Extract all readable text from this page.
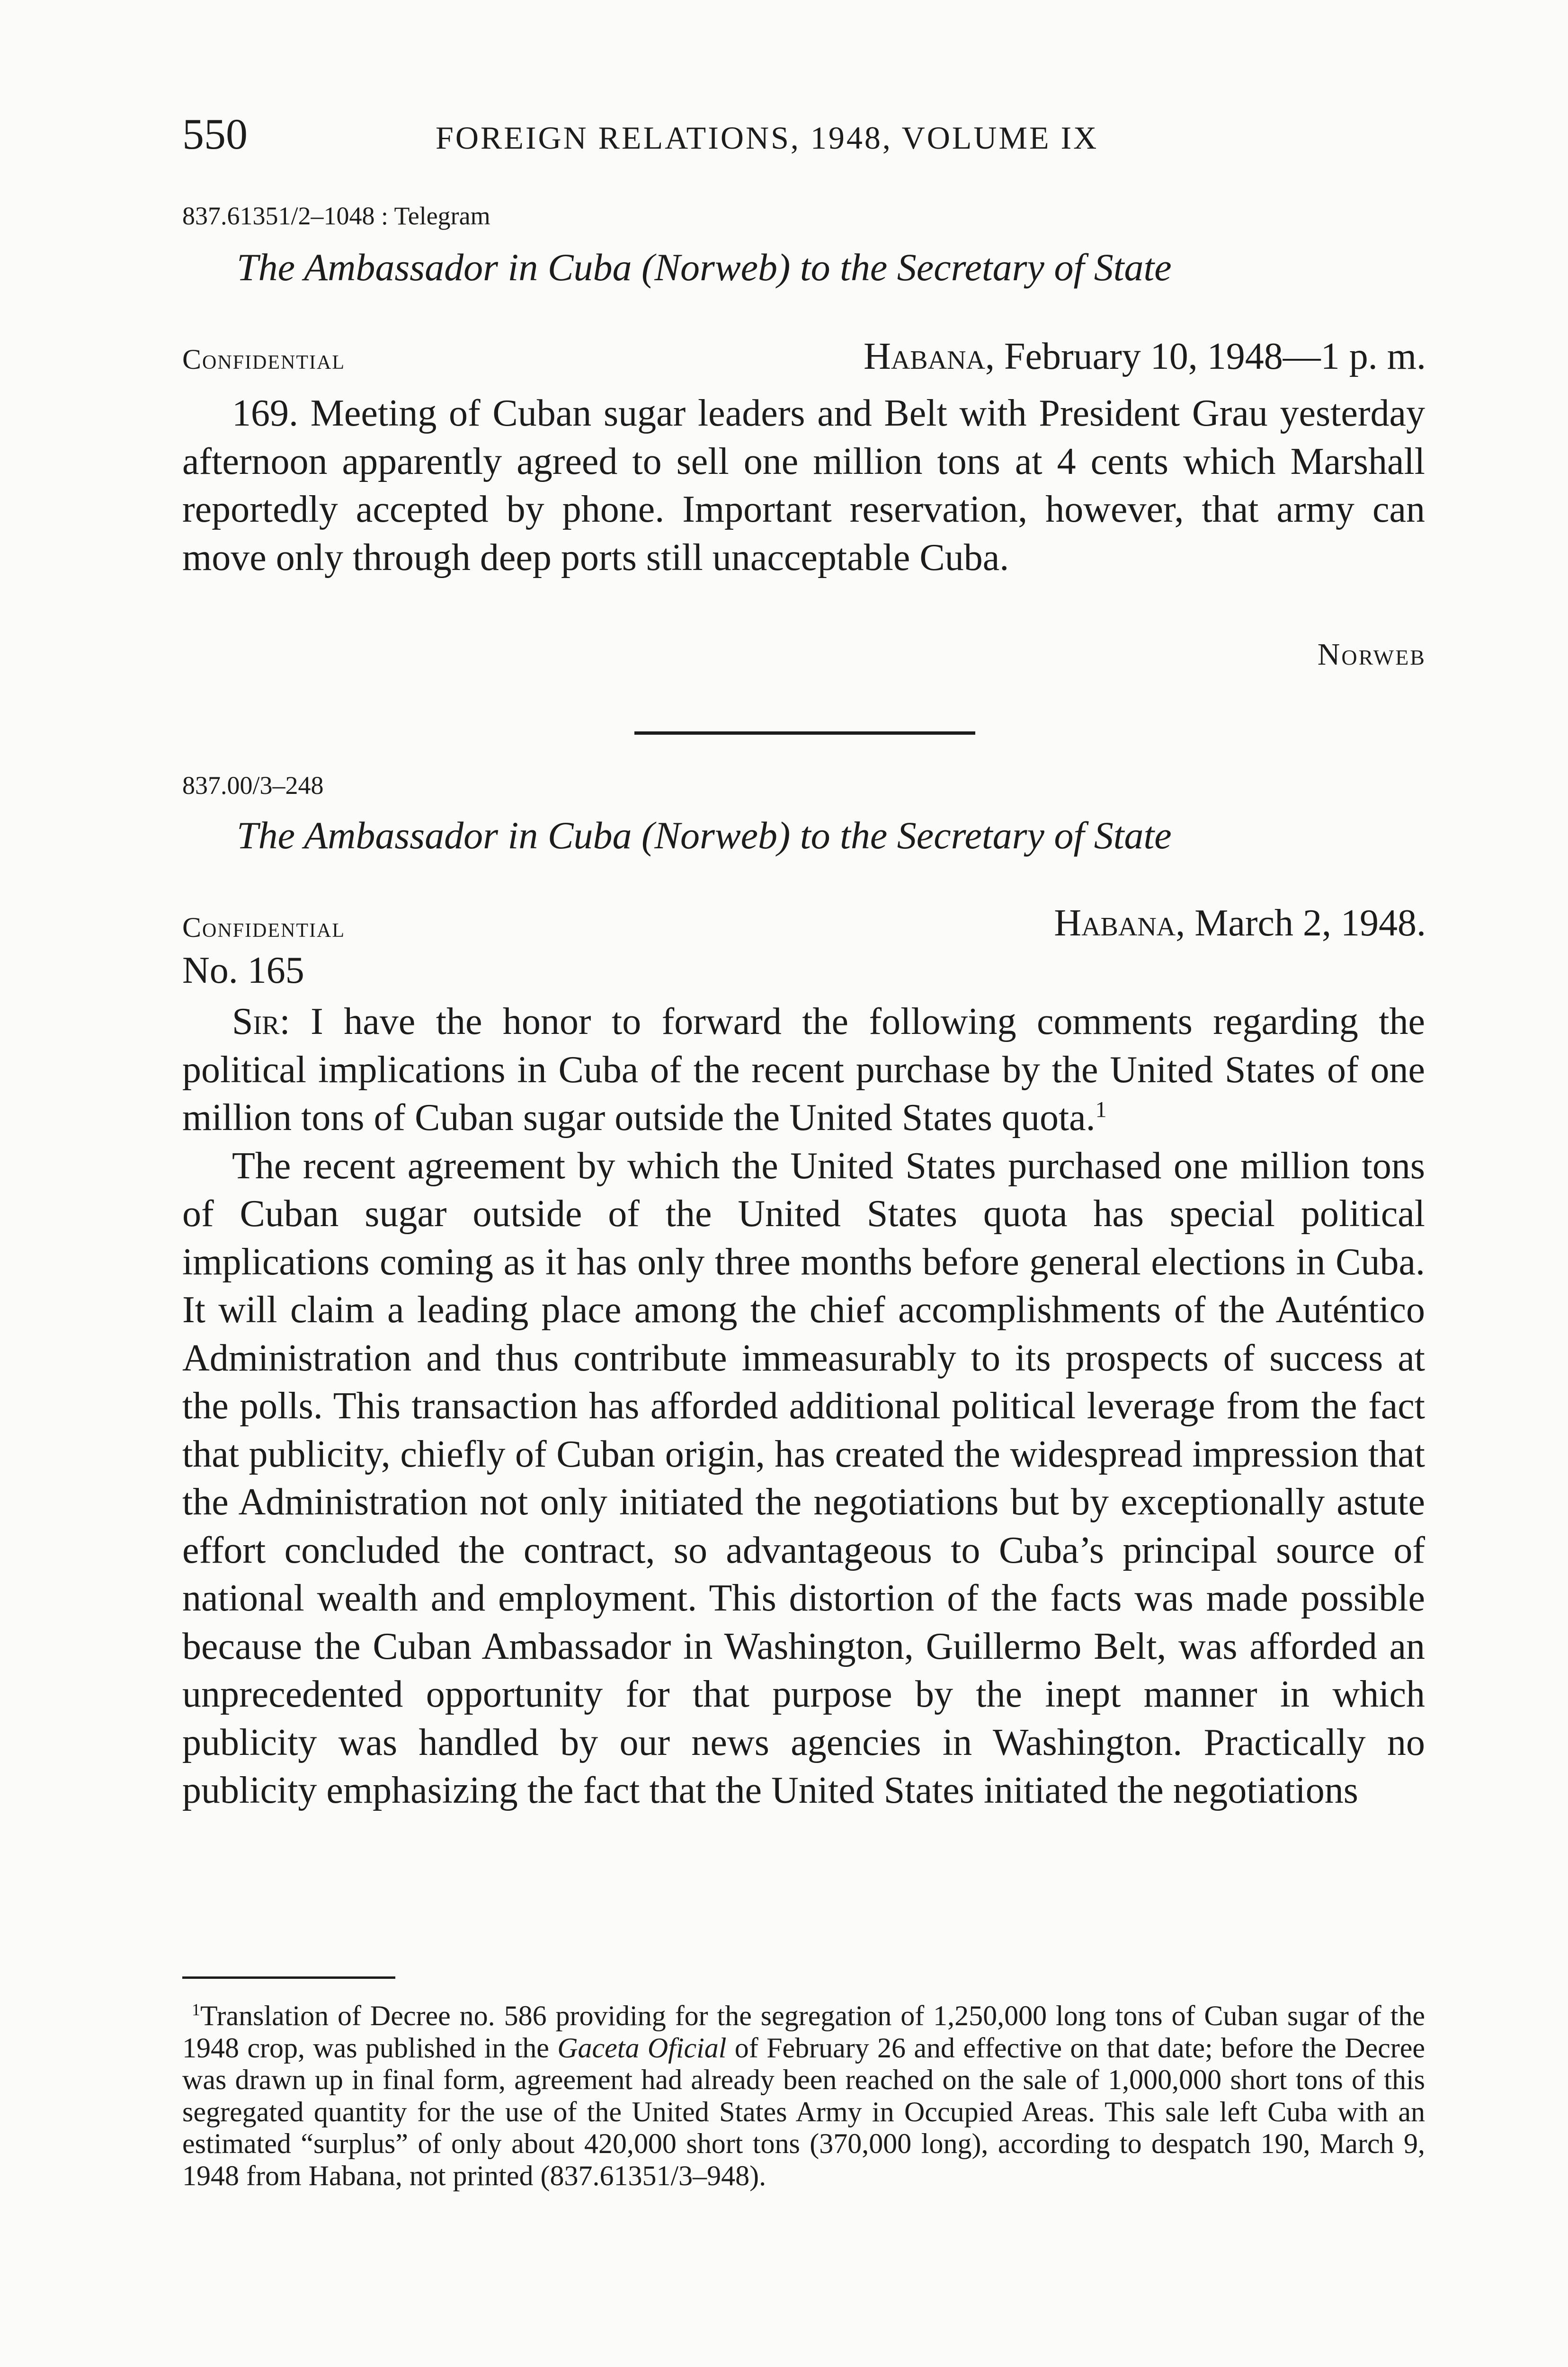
550	FOREIGN RELATIONS, 1948, VOLUME IX
837.61351/2–1048 : Telegram
The Ambassador in Cuba (Norweb) to the Secretary of State
Confidential	Habana, February 10, 1948—1 p. m.

169. Meeting of Cuban sugar leaders and Belt with President Grau yesterday afternoon apparently agreed to sell one million tons at 4 cents which Marshall reportedly accepted by phone. Important reservation, however, that army can move only through deep ports still unacceptable Cuba.

Norweb
837.00/3–248
The Ambassador in Cuba (Norweb) to the Secretary of State
Confidential	Habana, March 2, 1948.
No. 165

Sir: I have the honor to forward the following comments regarding the political implications in Cuba of the recent purchase by the United States of one million tons of Cuban sugar outside the United States quota.$^1$

The recent agreement by which the United States purchased one million tons of Cuban sugar outside of the United States quota has special political implications coming as it has only three months before general elections in Cuba. It will claim a leading place among the chief accomplishments of the Auténtico Administration and thus contribute immeasurably to its prospects of success at the polls. This transaction has afforded additional political leverage from the fact that publicity, chiefly of Cuban origin, has created the widespread impression that the Administration not only initiated the negotiations but by exceptionally astute effort concluded the contract, so advantageous to Cuba’s principal source of national wealth and employment. This distortion of the facts was made possible because the Cuban Ambassador in Washington, Guillermo Belt, was afforded an unprecedented opportunity for that purpose by the inept manner in which publicity was handled by our news agencies in Washington. Practically no publicity emphasizing the fact that the United States initiated the negotiations

$^1$Translation of Decree no. 586 providing for the segregation of 1,250,000 long tons of Cuban sugar of the 1948 crop, was published in the Gaceta Oficial of February 26 and effective on that date; before the Decree was drawn up in final form, agreement had already been reached on the sale of 1,000,000 short tons of this segregated quantity for the use of the United States Army in Occupied Areas. This sale left Cuba with an estimated “surplus” of only about 420,000 short tons (370,000 long), according to despatch 190, March 9, 1948 from Habana, not printed (837.61351/3–948).
